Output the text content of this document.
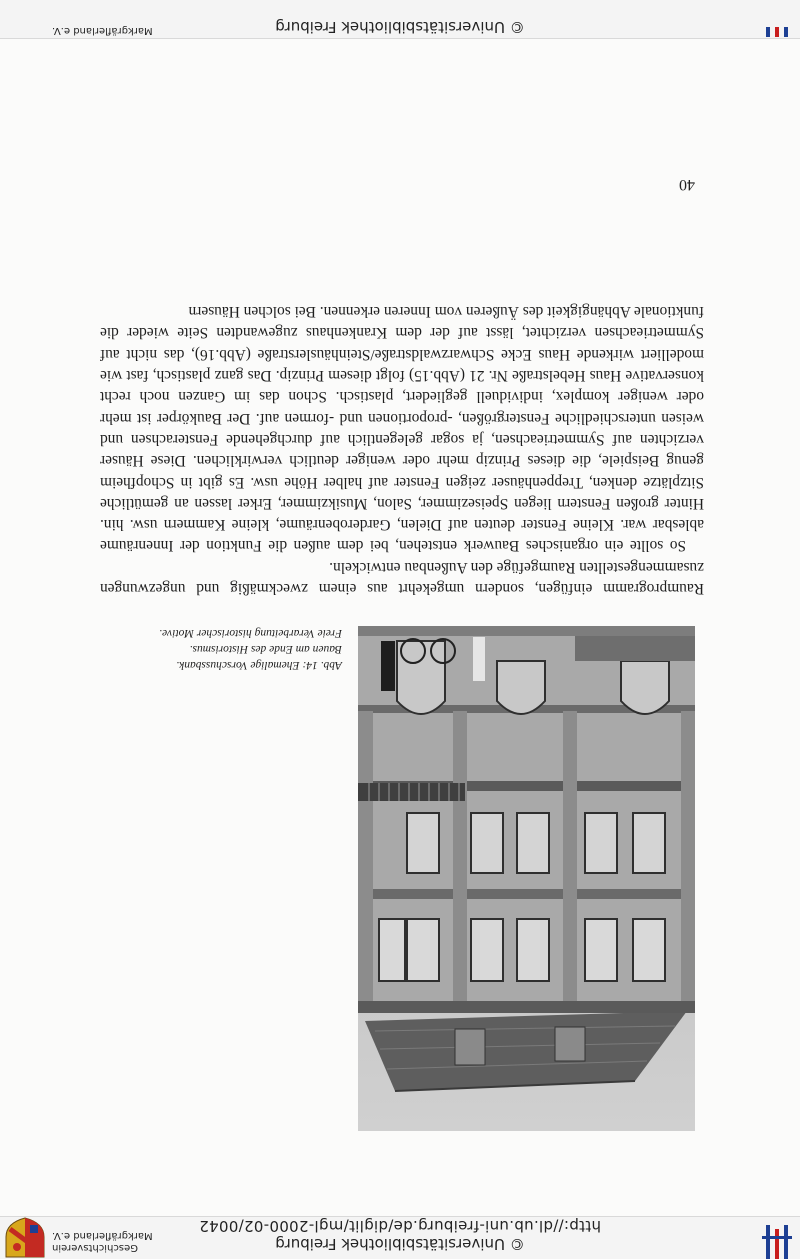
© Universitätsbibliothek Freiburg
http://dl.ub.uni-freiburg.de/diglit/mgl-2000-02/0042
Geschichtsverein
Markgräflerland e.V.
Abb. 14: Ehemalige Vorschussbank.
Bauen am Ende des Historismus.
Freie Verarbeitung historischer Motive.

Raumprogramm einfügen, sondern umgekehrt aus einem zweckmäßig und ungezwungen zusammengestellten Raumgefüge den Außenbau entwickeln.

So sollte ein organisches Bauwerk entstehen, bei dem außen die Funktion der Innenräume ablesbar war. Kleine Fenster deuten auf Dielen, Garderobenräume, kleine Kammern usw. hin. Hinter großen Fenstern liegen Speisezimmer, Salon, Musikzimmer, Erker lassen an gemütliche Sitzplätze denken, Treppenhäuser zeigen Fenster auf halber Höhe usw. Es gibt in Schopfheim genug Beispiele, die dieses Prinzip mehr oder weniger deutlich verwirklichen. Diese Häuser verzichten auf Symmetrieachsen, ja sogar gelegentlich auf durchgehende Fensterachsen und weisen unterschiedliche Fenstergrößen, -proportionen und -formen auf. Der Baukörper ist mehr oder weniger komplex, individuell gegliedert, plastisch. Schon das im Ganzen noch recht konservative Haus Hebelstraße Nr. 21 (Abb.15) folgt diesem Prinzip. Das ganz plastisch, fast wie modelliert wirkende Haus Ecke Schwarzwaldstraße/Steinhäuslerstraße (Abb.16), das nicht auf Symmetrieachsen verzichtet, lässt auf der dem Krankenhaus zugewandten Seite wieder die funktionale Abhängigkeit des Äußeren vom Inneren erkennen. Bei solchen Häusern

40
© Universitätsbibliothek Freiburg
Markgräflerland e.V.
